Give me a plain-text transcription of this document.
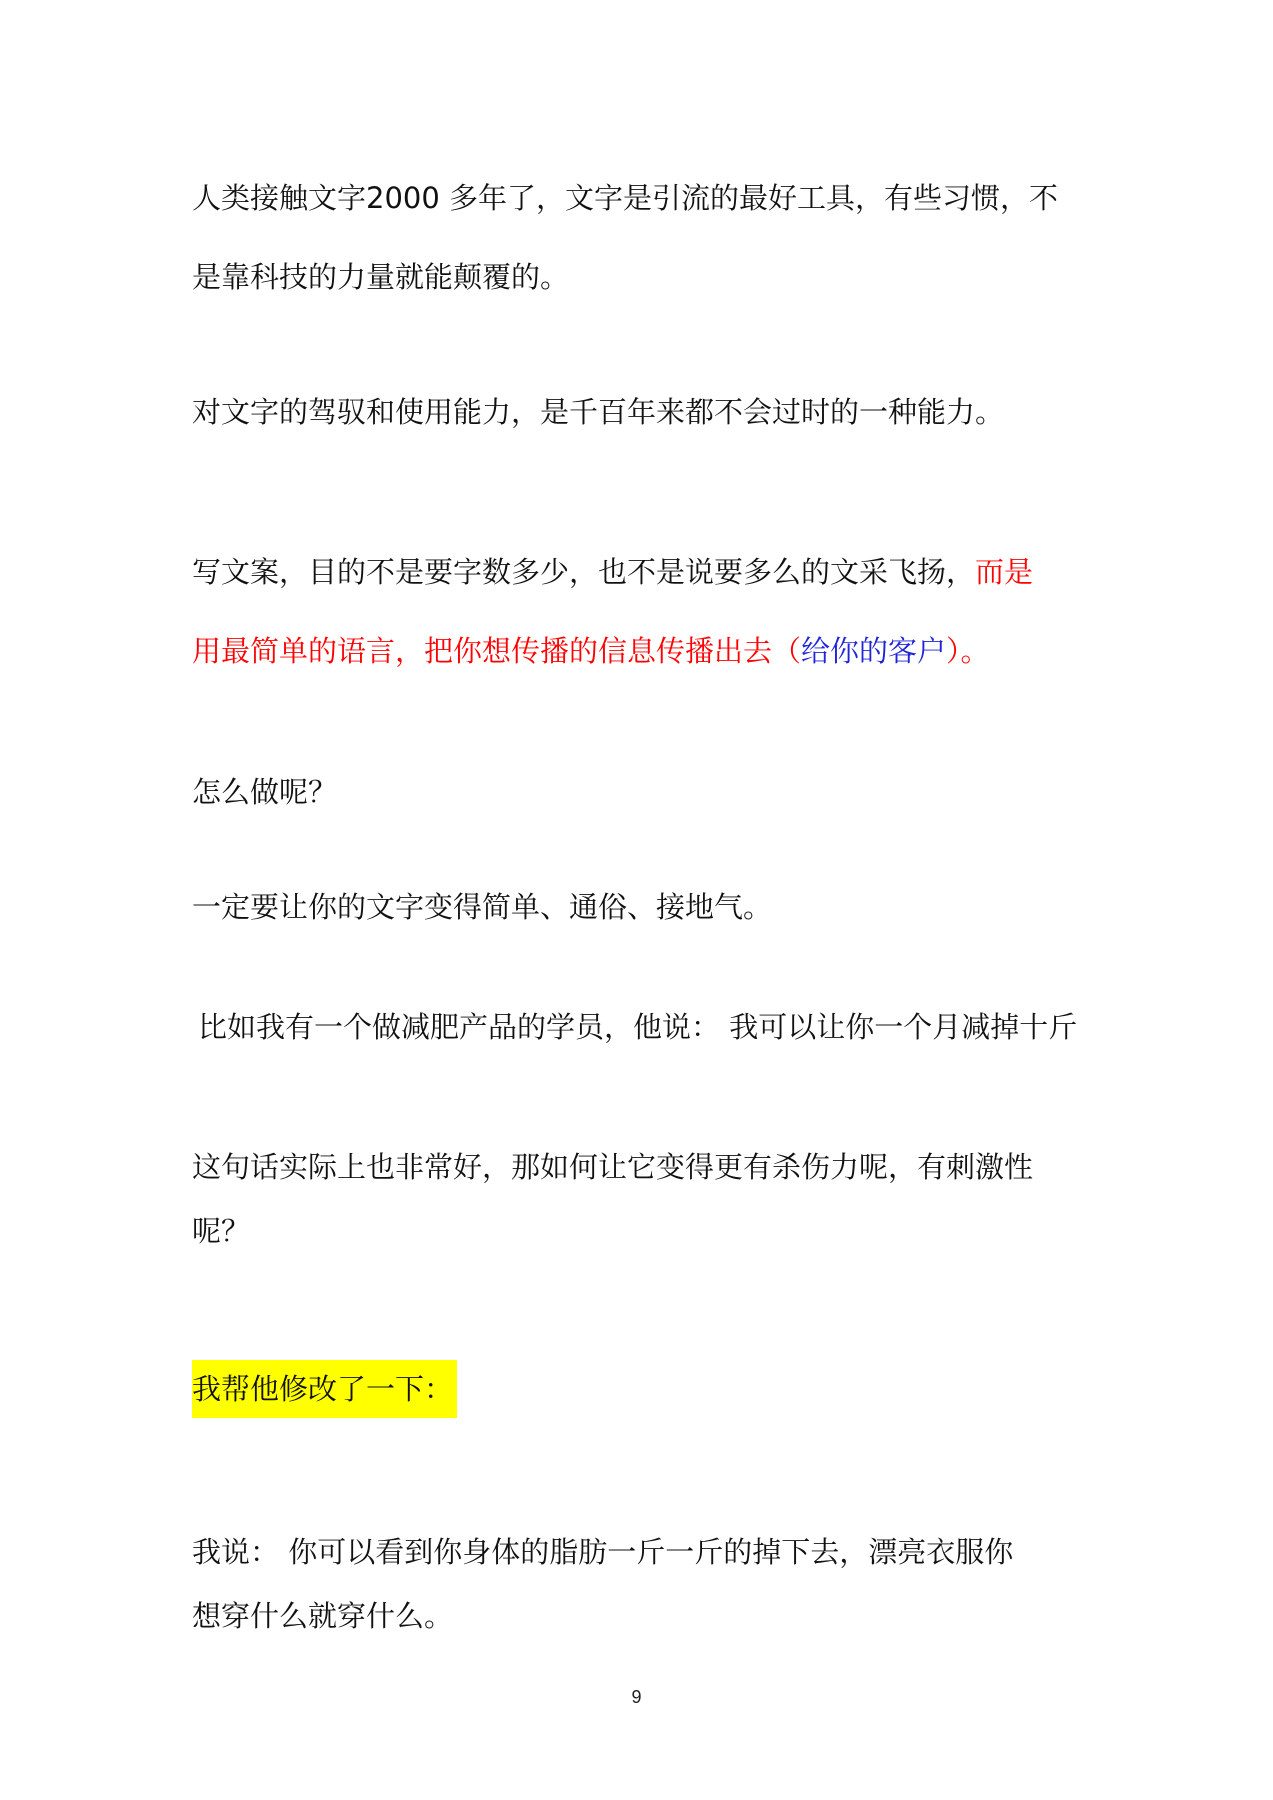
人类接触文字2000 多年了，文字是引流的最好工具，有些习惯，不
是靠科技的力量就能颠覆的。
对文字的驾驭和使用能力，是千百年来都不会过时的一种能力。
写文案，目的不是要字数多少，也不是说要多么的文采飞扬，而是
用最简单的语言，把你想传播的信息传播出去（给你的客户）。
怎么做呢？
一定要让你的文字变得简单、通俗、接地气。
比如我有一个做减肥产品的学员，他说： 我可以让你一个月减掉十斤
这句话实际上也非常好，那如何让它变得更有杀伤力呢，有刺激性
呢？
我帮他修改了一下：
我说： 你可以看到你身体的脂肪一斤一斤的掉下去，漂亮衣服你
想穿什么就穿什么。
9
